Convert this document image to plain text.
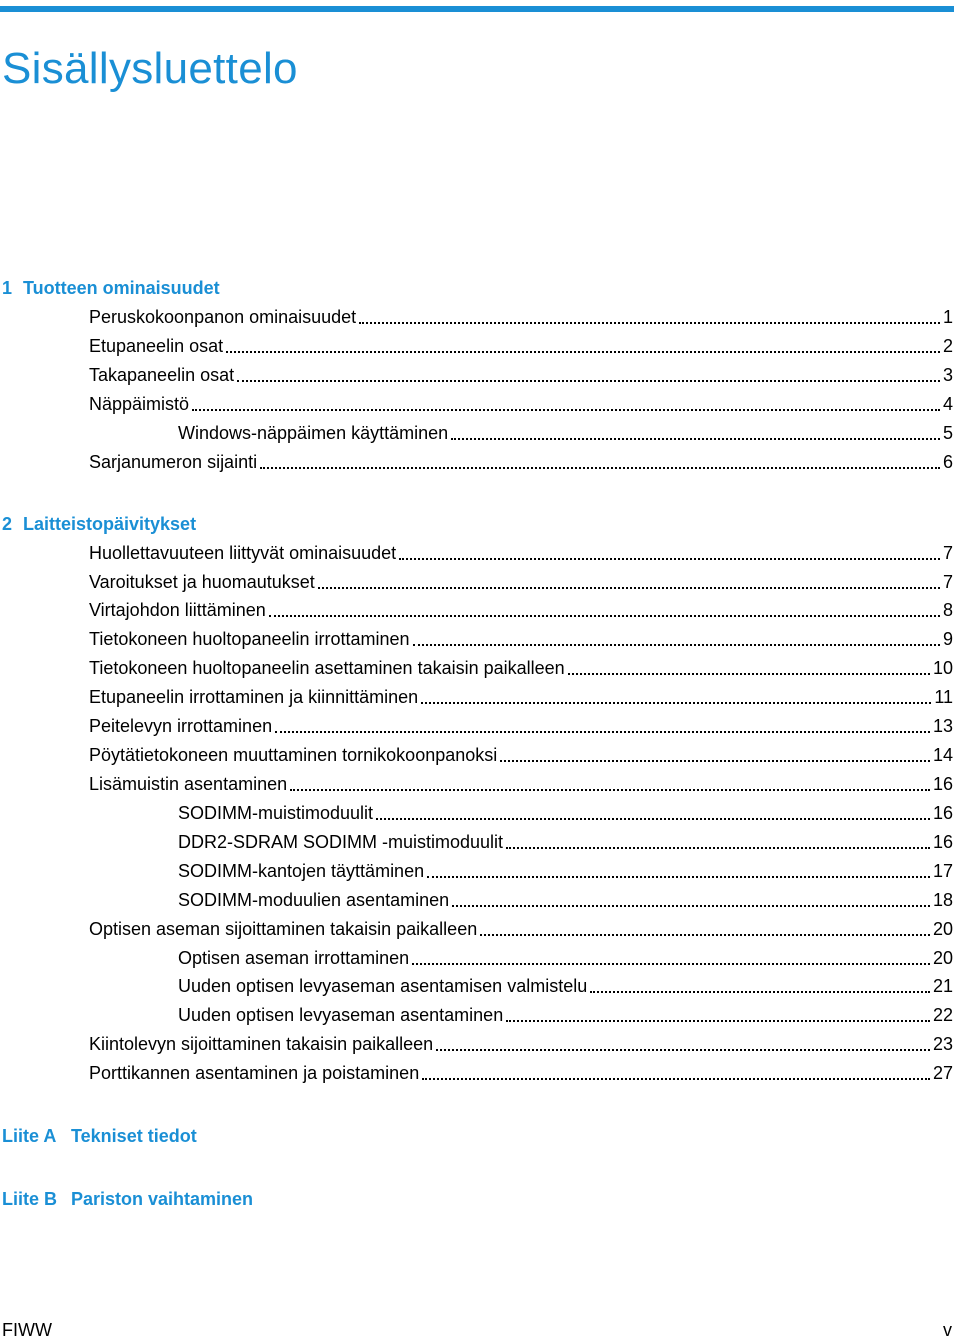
Sisällysluettelo
1 Tuotteen ominaisuudet
Peruskokoonpanon ominaisuudet	1
Etupaneelin osat	2
Takapaneelin osat	3
Näppäimistö	4
Windows-näppäimen käyttäminen	5
Sarjanumeron sijainti	6
2 Laitteistopäivitykset
Huollettavuuteen liittyvät ominaisuudet	7
Varoitukset ja huomautukset	7
Virtajohdon liittäminen	8
Tietokoneen huoltopaneelin irrottaminen	9
Tietokoneen huoltopaneelin asettaminen takaisin paikalleen	10
Etupaneelin irrottaminen ja kiinnittäminen	11
Peitelevyn irrottaminen	13
Pöytätietokoneen muuttaminen tornikokoonpanoksi	14
Lisämuistin asentaminen	16
SODIMM-muistimoduulit	16
DDR2-SDRAM SODIMM -muistimoduulit	16
SODIMM-kantojen täyttäminen	17
SODIMM-moduulien asentaminen	18
Optisen aseman sijoittaminen takaisin paikalleen	20
Optisen aseman irrottaminen	20
Uuden optisen levyaseman asentamisen valmistelu	21
Uuden optisen levyaseman asentaminen	22
Kiintolevyn sijoittaminen takaisin paikalleen	23
Porttikannen asentaminen ja poistaminen	27
Liite A Tekniset tiedot
Liite B Pariston vaihtaminen
FIWW	v
